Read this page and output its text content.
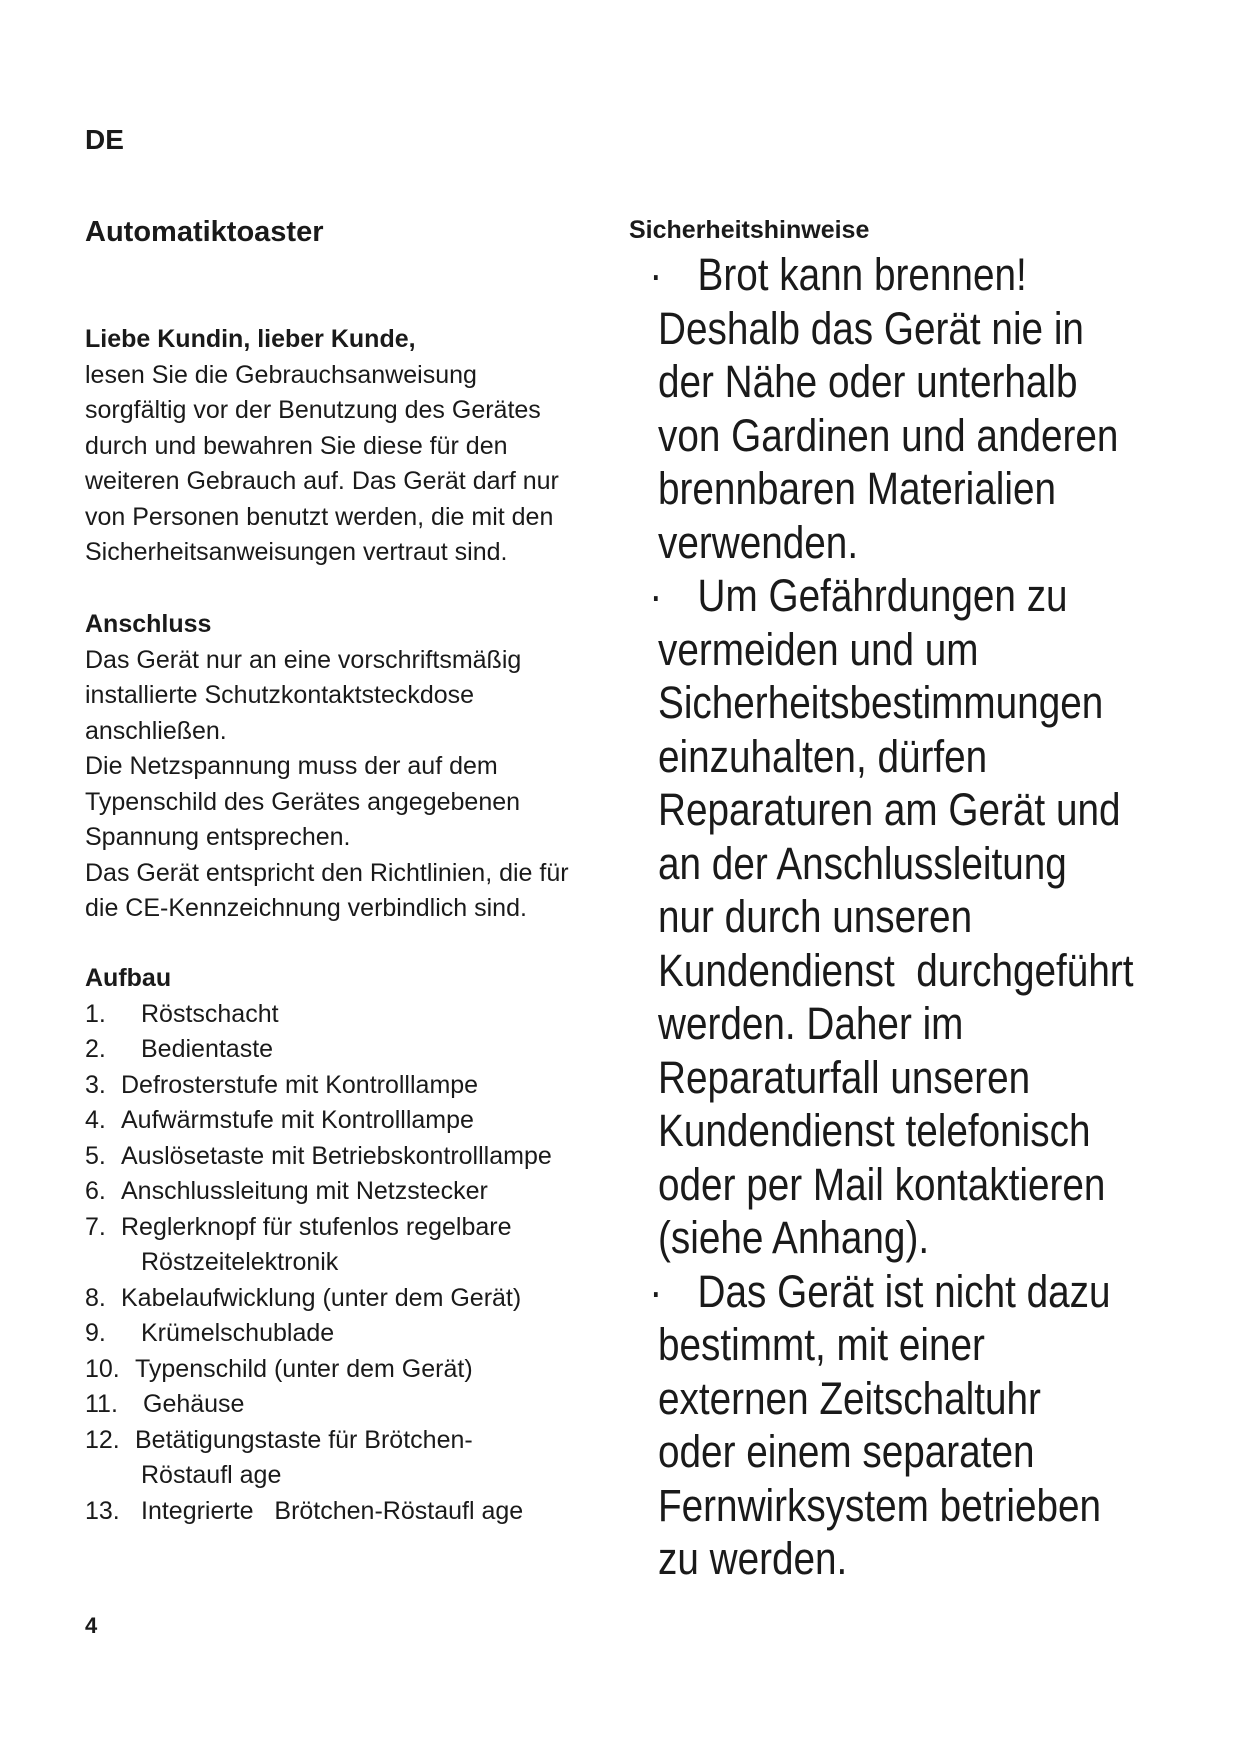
DE
Automatiktoaster
Liebe Kundin, lieber Kunde,
lesen Sie die Gebrauchsanweisung
sorgfältig vor der Benutzung des Gerätes
durch und bewahren Sie diese für den
weiteren Gebrauch auf. Das Gerät darf nur
von Personen benutzt werden, die mit den
Sicherheitsanweisungen vertraut sind.
Anschluss
Das Gerät nur an eine vorschriftsmäßig
installierte Schutzkontaktsteckdose
anschließen.
Die Netzspannung muss der auf dem
Typenschild des Gerätes angegebenen
Spannung entsprechen.
Das Gerät entspricht den Richtlinien, die für
die CE-Kennzeichnung verbindlich sind.
Aufbau
1.	Röstschacht
2.	Bedientaste
3. Defrosterstufe mit Kontrolllampe
4. Aufwärmstufe mit Kontrolllampe
5. Auslösetaste mit Betriebskontrolllampe
6. Anschlussleitung mit Netzstecker
7. Reglerknopf für stufenlos regelbare
Röstzeitelektronik
8. Kabelaufwicklung (unter dem Gerät)
9.	Krümelschublade
10. Typenschild (unter dem Gerät)
11.	Gehäuse
12. Betätigungstaste für Brötchen-
Röstaufl age
13. Integrierte   Brötchen-Röstaufl age
Sicherheitshinweise
· Brot kann brennen!
Deshalb das Gerät nie in
der Nähe oder unterhalb
von Gardinen und anderen
brennbaren Materialien
verwenden.
· Um Gefährdungen zu
vermeiden und um
Sicherheitsbestimmungen
einzuhalten, dürfen
Reparaturen am Gerät und
an der Anschlussleitung
nur durch unseren
Kundendienst  durchgeführt
werden. Daher im
Reparaturfall unseren
Kundendienst telefonisch
oder per Mail kontaktieren
(siehe Anhang).
· Das Gerät ist nicht dazu
bestimmt, mit einer
externen Zeitschaltuhr
oder einem separaten
Fernwirksystem betrieben
zu werden.
4
